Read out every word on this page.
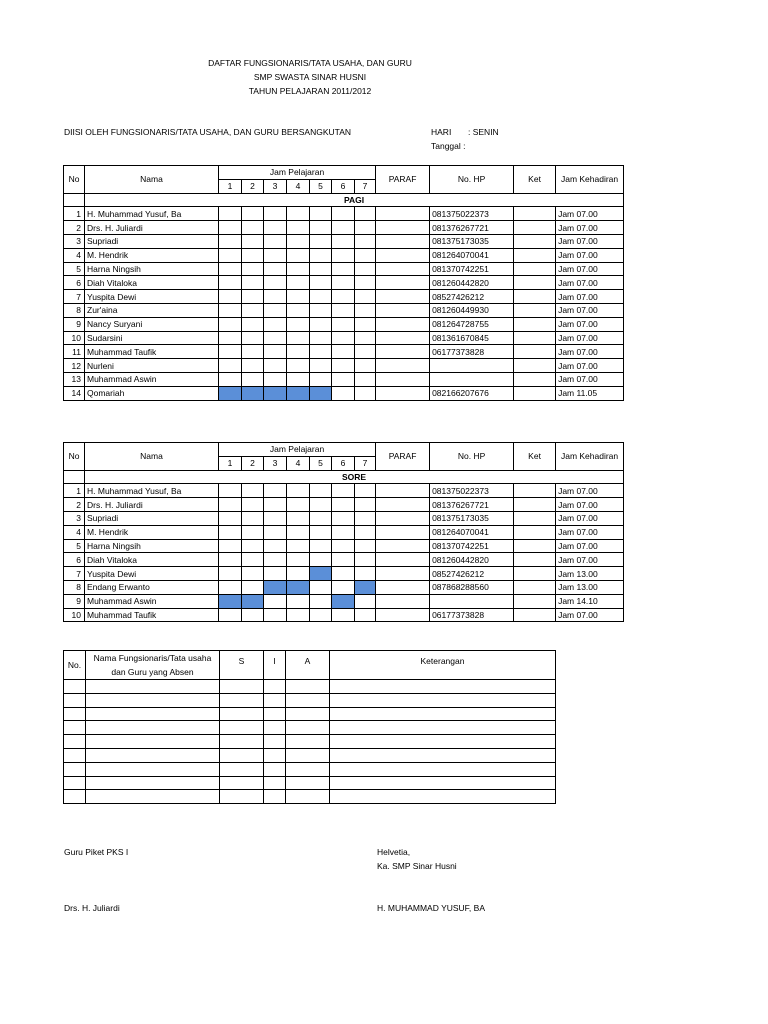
DAFTAR FUNGSIONARIS/TATA USAHA, DAN GURU
SMP SWASTA SINAR HUSNI
TAHUN PELAJARAN 2011/2012
DIISI OLEH FUNGSIONARIS/TATA USAHA, DAN GURU BERSANGKUTAN	HARI : SENIN
Tanggal :
No	Nama	Jam Pelajaran							PARAF	No. HP	Ket	Jam Kehadiran
		1	2	3	4	5	6	7				
	PAGI											
1	H. Muhammad Yusuf, Ba									081375022373		Jam 07.00
2	Drs. H. Juliardi									081376267721		Jam 07.00
3	Supriadi									081375173035		Jam 07.00
4	M. Hendrik									081264070041		Jam 07.00
5	Harna Ningsih									081370742251		Jam 07.00
6	Diah Vitaloka									081260442820		Jam 07.00
7	Yuspita Dewi									08527426212		Jam 07.00
8	Zur'aina									081260449930		Jam 07.00
9	Nancy Suryani									081264728755		Jam 07.00
10	Sudarsini									081361670845		Jam 07.00
11	Muhammad Taufik									06177373828		Jam 07.00
12	Nurleni											Jam 07.00
13	Muhammad Aswin											Jam 07.00
14	Qomariah									082166207676		Jam 11.05
No	Nama	Jam Pelajaran							PARAF	No. HP	Ket	Jam Kehadiran
		1	2	3	4	5	6	7				
	SORE											
1	H. Muhammad Yusuf, Ba									081375022373		Jam 07.00
2	Drs. H. Juliardi									081376267721		Jam 07.00
3	Supriadi									081375173035		Jam 07.00
4	M. Hendrik									081264070041		Jam 07.00
5	Harna Ningsih									081370742251		Jam 07.00
6	Diah Vitaloka									081260442820		Jam 07.00
7	Yuspita Dewi									08527426212		Jam 13.00
8	Endang Erwanto									087868288560		Jam 13.00
9	Muhammad Aswin											Jam 14.10
10	Muhammad Taufik									06177373828		Jam 07.00
No.	Nama Fungsionaris/Tata usaha
dan Guru yang Absen	S	I	A	Keterangan

Guru Piket PKS I	Helvetia,
Ka. SMP Sinar Husni
Drs. H. Juliardi	H. MUHAMMAD YUSUF, BA
